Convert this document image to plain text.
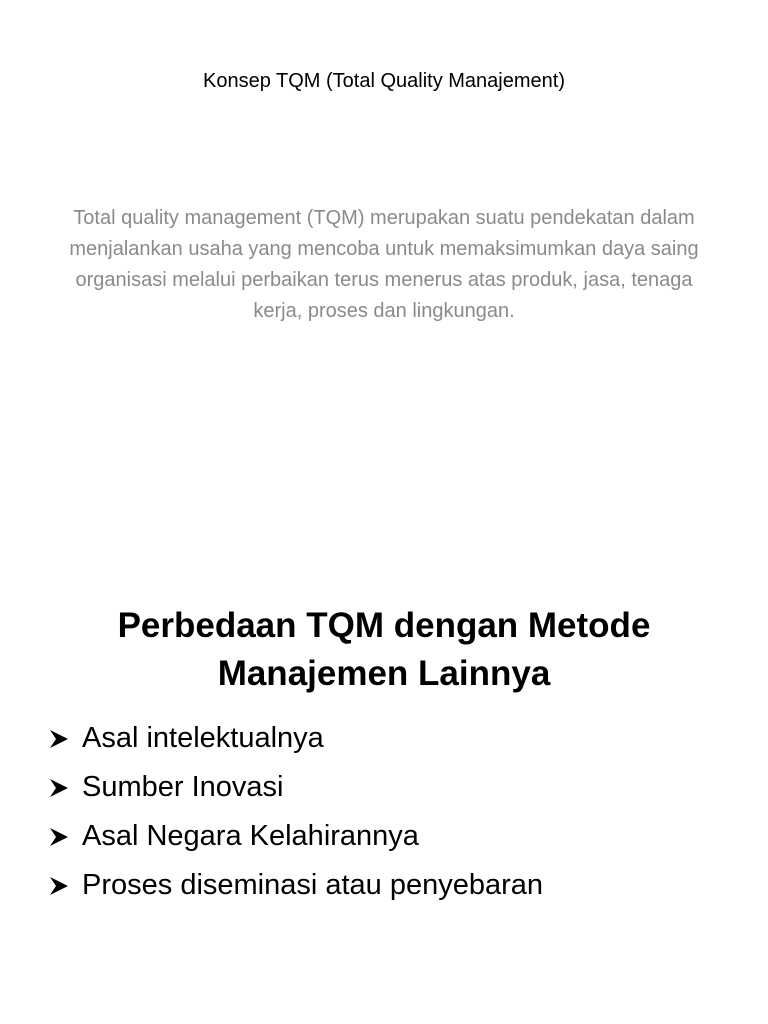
Konsep TQM (Total Quality Manajement)
Total quality management (TQM) merupakan suatu pendekatan dalam menjalankan usaha yang mencoba untuk memaksimumkan daya saing organisasi melalui perbaikan terus menerus atas produk, jasa, tenaga kerja, proses dan lingkungan.
Perbedaan TQM dengan Metode Manajemen Lainnya
Asal intelektualnya
Sumber Inovasi
Asal Negara Kelahirannya
Proses diseminasi atau penyebaran
